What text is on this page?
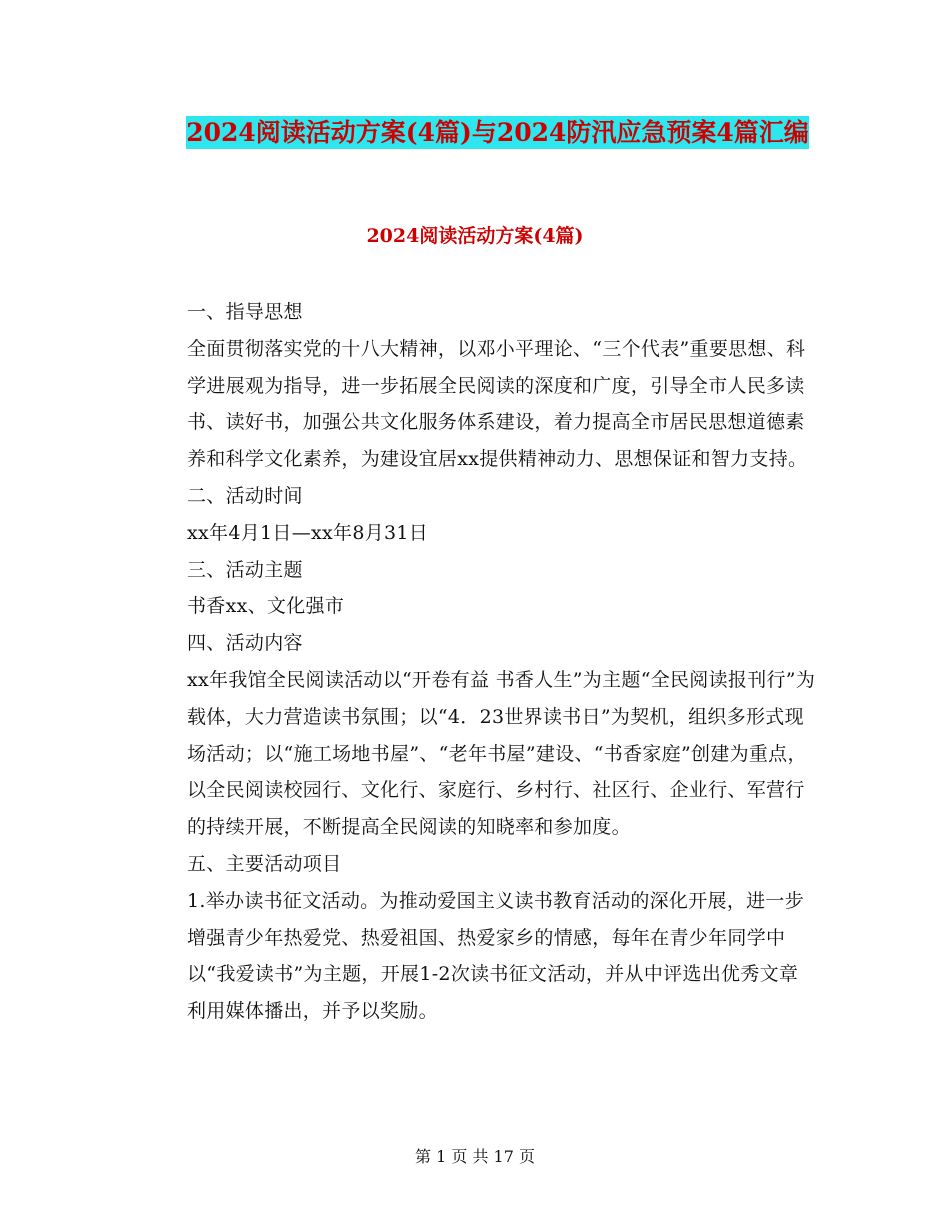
2024阅读活动方案(4篇)与2024防汛应急预案4篇汇编
2024阅读活动方案(4篇)

一、指导思想

全面贯彻落实党的十八大精神，以邓小平理论、“三个代表”重要思想、科学进展观为指导，进一步拓展全民阅读的深度和广度，引导全市人民多读书、读好书，加强公共文化服务体系建设，着力提高全市居民思想道德素养和科学文化素养，为建设宜居xx提供精神动力、思想保证和智力支持。

二、活动时间

xx年4月1日—xx年8月31日

三、活动主题

书香xx、文化强市

四、活动内容

xx年我馆全民阅读活动以“开卷有益 书香人生”为主题“全民阅读报刊行”为载体，大力营造读书氛围；以“4．23世界读书日”为契机，组织多形式现场活动；以“施工场地书屋”、“老年书屋”建设、“书香家庭”创建为重点，以全民阅读校园行、文化行、家庭行、乡村行、社区行、企业行、军营行的持续开展，不断提高全民阅读的知晓率和参加度。

五、主要活动项目

1.举办读书征文活动。为推动爱国主义读书教育活动的深化开展，进一步增强青少年热爱党、热爱祖国、热爱家乡的情感，每年在青少年同学中以“我爱读书”为主题，开展1-2次读书征文活动，并从中评选出优秀文章利用媒体播出，并予以奖励。

第 1 页 共 17 页
